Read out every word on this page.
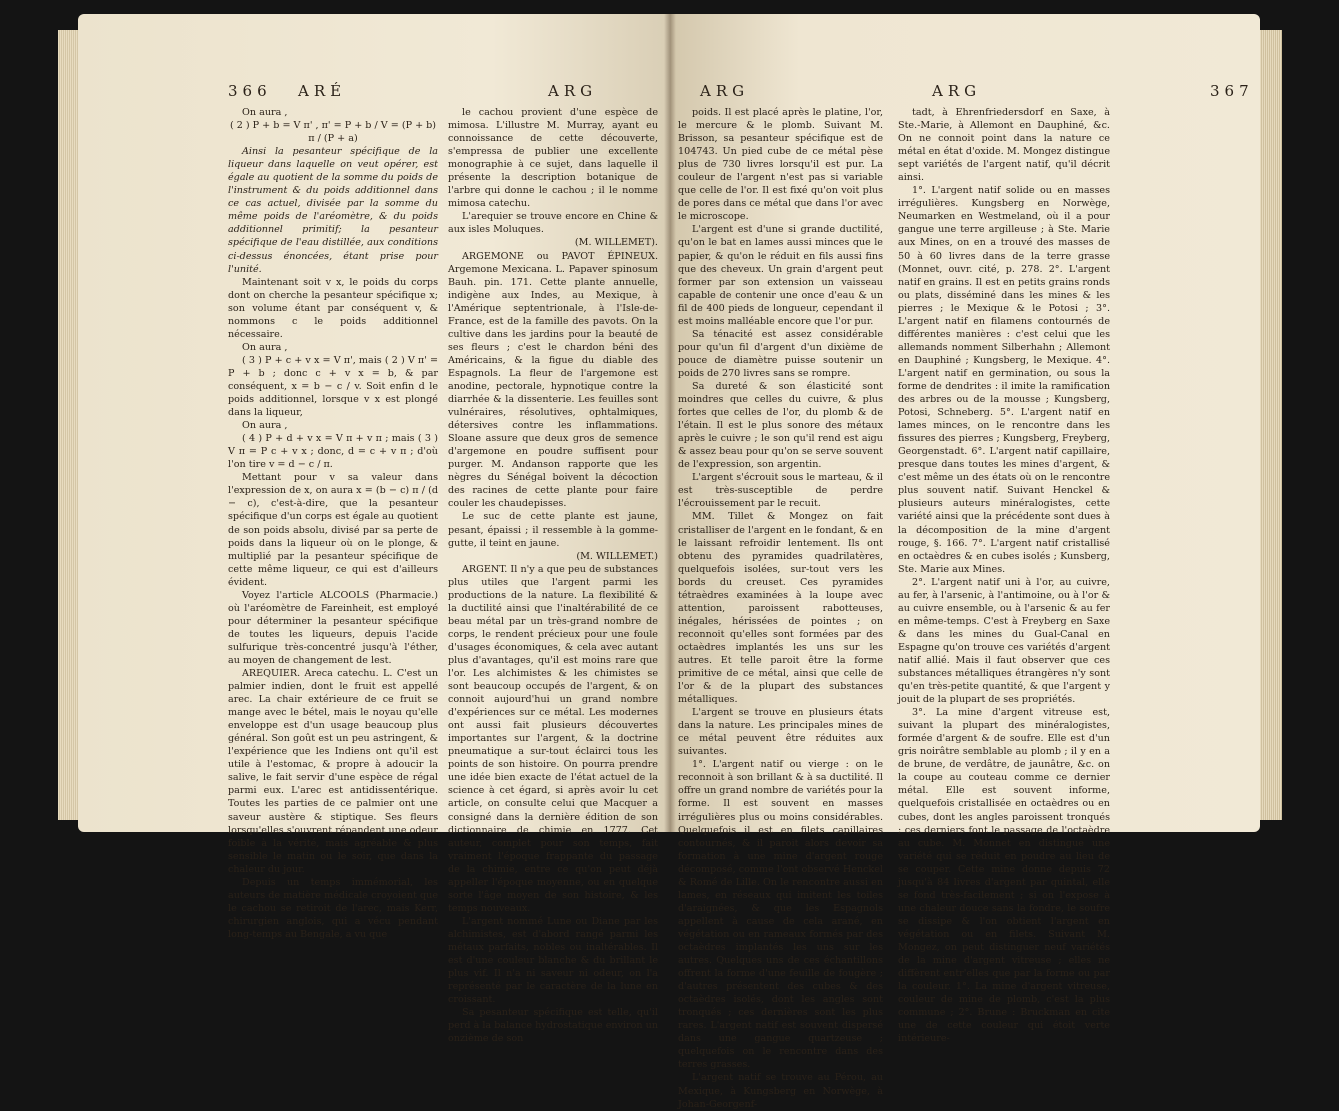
366 ARÉ	ARG

On aura ,

( 2 ) P + b = V π' , π' = P + b / V = (P + b) π / (P + a)

Ainsi la pesanteur spécifique de la liqueur dans laquelle on veut opérer, est égale au quotient de la somme du poids de l'instrument & du poids additionnel dans ce cas actuel, divisée par la somme du même poids de l'aréomètre, & du poids additionnel primitif; la pesanteur spécifique de l'eau distillée, aux conditions ci-dessus énoncées, étant prise pour l'unité.

Maintenant soit v x, le poids du corps dont on cherche la pesanteur spécifique x; son volume étant par conséquent v, & nommons c le poids additionnel nécessaire.

On aura ,

( 3 ) P + c + v x = V π', mais ( 2 ) V π' = P + b ; donc c + v x = b, & par conséquent, x = b − c / v. Soit enfin d le poids additionnel, lorsque v x est plongé dans la liqueur,

On aura ,

( 4 ) P + d + v x = V π + v π ; mais ( 3 ) V π = P c + v x ; donc, d = c + v π ; d'où l'on tire v = d − c / π.

Mettant pour v sa valeur dans l'expression de x, on aura x = (b − c) π / (d − c), c'est-à-dire, que la pesanteur spécifique d'un corps est égale au quotient de son poids absolu, divisé par sa perte de poids dans la liqueur où on le plonge, & multiplié par la pesanteur spécifique de cette même liqueur, ce qui est d'ailleurs évident.

Voyez l'article ALCOOLS (Pharmacie.) où l'aréomètre de Fareinheit, est employé pour déterminer la pesanteur spécifique de toutes les liqueurs, depuis l'acide sulfurique très-concentré jusqu'à l'éther, au moyen de changement de lest.

AREQUIER. Areca catechu. L. C'est un palmier indien, dont le fruit est appellé arec. La chair extérieure de ce fruit se mange avec le bétel, mais le noyau qu'elle enveloppe est d'un usage beaucoup plus général. Son goût est un peu astringent, & l'expérience que les Indiens ont qu'il est utile à l'estomac, & propre à adoucir la salive, le fait servir d'une espèce de régal parmi eux. L'arec est antidissentérique. Toutes les parties de ce palmier ont une saveur austère & stiptique. Ses fleurs lorsqu'elles s'ouvrent répandent une odeur foible à la vérité, mais agréable & plus sensible le matin ou le soir, que dans la chaleur du jour.

Depuis un temps immémorial, les auteurs de matière médicale croyoient que le cachou se retiroit de l'arec, mais Kerr, chirurgien anglois, qui a vécu pendant long-temps au Bengale, a vu que

le cachou provient d'une espèce de mimosa. L'illustre M. Murray, ayant eu connoissance de cette découverte, s'empressa de publier une excellente monographie à ce sujet, dans laquelle il présente la description botanique de l'arbre qui donne le cachou ; il le nomme mimosa catechu.

L'arequier se trouve encore en Chine & aux isles Moluques.

(M. WILLEMET).

ARGEMONE ou PAVOT ÉPINEUX. Argemone Mexicana. L. Papaver spinosum Bauh. pin. 171. Cette plante annuelle, indigène aux Indes, au Mexique, à l'Amérique septentrionale, à l'Isle-de-France, est de la famille des pavots. On la cultive dans les jardins pour la beauté de ses fleurs ; c'est le chardon béni des Américains, & la figue du diable des Espagnols. La fleur de l'argemone est anodine, pectorale, hypnotique contre la diarrhée & la dissenterie. Les feuilles sont vulnéraires, résolutives, ophtalmiques, détersives contre les inflammations. Sloane assure que deux gros de semence d'argemone en poudre suffisent pour purger. M. Andanson rapporte que les nègres du Sénégal boivent la décoction des racines de cette plante pour faire couler les chaudepisses.

Le suc de cette plante est jaune, pesant, épaissi ; il ressemble à la gomme-gutte, il teint en jaune.

(M. WILLEMET.)

ARGENT. Il n'y a que peu de substances plus utiles que l'argent parmi les productions de la nature. La flexibilité & la ductilité ainsi que l'inaltérabilité de ce beau métal par un très-grand nombre de corps, le rendent précieux pour une foule d'usages économiques, & cela avec autant plus d'avantages, qu'il est moins rare que l'or. Les alchimistes & les chimistes se sont beaucoup occupés de l'argent, & on connoit aujourd'hui un grand nombre d'expériences sur ce métal. Les modernes ont aussi fait plusieurs découvertes importantes sur l'argent, & la doctrine pneumatique a sur-tout éclairci tous les points de son histoire. On pourra prendre une idée bien exacte de l'état actuel de la science à cet égard, si après avoir lu cet article, on consulte celui que Macquer a consigné dans la dernière édition de son dictionnaire de chimie en 1777. Cet auteur, complet pour son temps, fait vraiment l'époque frappante du passage de la chimie, entre ce qu'on peut déjà appeller l'époque moyenne, ou en quelque sorte l'âge moyen de son histoire, & les temps nouveaux.

L'argent nommé Lune ou Diane par les alchimistes, est d'abord rangé parmi les métaux parfaits, nobles ou inaltérables. Il est d'une couleur blanche & du brillant le plus vif. Il n'a ni saveur ni odeur, on l'a représenté par le caractère de la lune en croissant.

Sa pesanteur spécifique est telle, qu'il perd à la balance hydrostatique environ un onzième de son

ARG	ARG	367

poids. Il est placé après le platine, l'or, le mercure & le plomb. Suivant M. Brisson, sa pesanteur spécifique est de 104743. Un pied cube de ce métal pèse plus de 730 livres lorsqu'il est pur. La couleur de l'argent n'est pas si variable que celle de l'or. Il est fixé qu'on voit plus de pores dans ce métal que dans l'or avec le microscope.

L'argent est d'une si grande ductilité, qu'on le bat en lames aussi minces que le papier, & qu'on le réduit en fils aussi fins que des cheveux. Un grain d'argent peut former par son extension un vaisseau capable de contenir une once d'eau & un fil de 400 pieds de longueur, cependant il est moins malléable encore que l'or pur.

Sa ténacité est assez considérable pour qu'un fil d'argent d'un dixième de pouce de diamètre puisse soutenir un poids de 270 livres sans se rompre.

Sa dureté & son élasticité sont moindres que celles du cuivre, & plus fortes que celles de l'or, du plomb & de l'étain. Il est le plus sonore des métaux après le cuivre ; le son qu'il rend est aigu & assez beau pour qu'on se serve souvent de l'expression, son argentin.

L'argent s'écrouit sous le marteau, & il est très-susceptible de perdre l'écrouissement par le recuit.

MM. Tillet & Mongez on fait cristalliser de l'argent en le fondant, & en le laissant refroidir lentement. Ils ont obtenu des pyramides quadrilatères, quelquefois isolées, sur-tout vers les bords du creuset. Ces pyramides tétraèdres examinées à la loupe avec attention, paroissent rabotteuses, inégales, hérissées de pointes ; on reconnoit qu'elles sont formées par des octaèdres implantés les uns sur les autres. Et telle paroit être la forme primitive de ce métal, ainsi que celle de l'or & de la plupart des substances métalliques.

L'argent se trouve en plusieurs états dans la nature. Les principales mines de ce métal peuvent être réduites aux suivantes.

1°. L'argent natif ou vierge : on le reconnoit à son brillant & à sa ductilité. Il offre un grand nombre de variétés pour la forme. Il est souvent en masses irrégulières plus ou moins considérables. Quelquefois il est en filets capillaires contournés, & il paroit alors devoir sa formation à une mine d'argent rouge décomposé, comme l'ont observé Henckel & Romé de Lille. On le rencontre aussi en lames, en réseaux qui imitent les toiles d'araignées, & que les Espagnols appellent à cause de cela arané, en végétation ou en rameaux formés par des octaèdres implantés les uns sur les autres. Quelques uns de ces échantillons offrent la forme d'une feuille de fougère ; d'autres présentent des cubes & des octaèdres isolés, dont les angles sont tronqués ; ces dernières sont les plus rares. L'argent natif est souvent dispersé dans une gangue quartzeuse ; quelquefois on le rencontre dans des terres grasses.

L'argent natif se trouve au Pérou, au Mexique, à Kungsberg en Norwège, à Johan-Georgenf-

tadt, à Ehrenfriedersdorf en Saxe, à Ste.-Marie, à Allemont en Dauphiné, &c. On ne connoit point dans la nature ce métal en état d'oxide. M. Mongez distingue sept variétés de l'argent natif, qu'il décrit ainsi.

1°. L'argent natif solide ou en masses irrégulières. Kungsberg en Norwège, Neumarken en Westmeland, où il a pour gangue une terre argilleuse ; à Ste. Marie aux Mines, on en a trouvé des masses de 50 à 60 livres dans de la terre grasse (Monnet, ouvr. cité, p. 278. 2°. L'argent natif en grains. Il est en petits grains ronds ou plats, disséminé dans les mines & les pierres ; le Mexique & le Potosi ; 3°. L'argent natif en filamens contournés de différentes manières : c'est celui que les allemands nomment Silberhahn ; Allemont en Dauphiné ; Kungsberg, le Mexique. 4°. L'argent natif en germination, ou sous la forme de dendrites : il imite la ramification des arbres ou de la mousse ; Kungsberg, Potosi, Schneberg. 5°. L'argent natif en lames minces, on le rencontre dans les fissures des pierres ; Kungsberg, Freyberg, Georgenstadt. 6°. L'argent natif capillaire, presque dans toutes les mines d'argent, & c'est même un des états où on le rencontre plus souvent natif. Suivant Henckel & plusieurs auteurs minéralogistes, cette variété ainsi que la précédente sont dues à la décomposition de la mine d'argent rouge, §. 166. 7°. L'argent natif cristallisé en octaèdres & en cubes isolés ; Kunsberg, Ste. Marie aux Mines.

2°. L'argent natif uni à l'or, au cuivre, au fer, à l'arsenic, à l'antimoine, ou à l'or & au cuivre ensemble, ou à l'arsenic & au fer en même-temps. C'est à Freyberg en Saxe & dans les mines du Gual-Canal en Espagne qu'on trouve ces variétés d'argent natif allié. Mais il faut observer que ces substances métalliques étrangères n'y sont qu'en très-petite quantité, & que l'argent y jouit de la plupart de ses propriétés.

3°. La mine d'argent vitreuse est, suivant la plupart des minéralogistes, formée d'argent & de soufre. Elle est d'un gris noirâtre semblable au plomb ; il y en a de brune, de verdâtre, de jaunâtre, &c. on la coupe au couteau comme ce dernier métal. Elle est souvent informe, quelquefois cristallisée en octaèdres ou en cubes, dont les angles paroissent tronqués ; ces derniers font le passage de l'octaèdre au cube. M. Monnet en distingue une variété qui se réduit en poudre au lieu de se couper. Cette mine donne depuis 72 jusqu'à 84 livres d'argent par quintal, elle se fond très-facilement ; si on l'expose à une chaleur douce sans la fondre, le soufre se dissipe & l'on obtient l'argent en végétation ou en filets. Suivant M. Mongez, on peut distinguer neuf variétés de la mine d'argent vitreuse ; elles ne diffèrent entr'elles que par la forme ou par la couleur. 1°. La mine d'argent vitreuse, couleur de mine de plomb, c'est la plus commune ; 2°. Brune : Bruckman en cite une de cette couleur qui étoit verte intérieure-
